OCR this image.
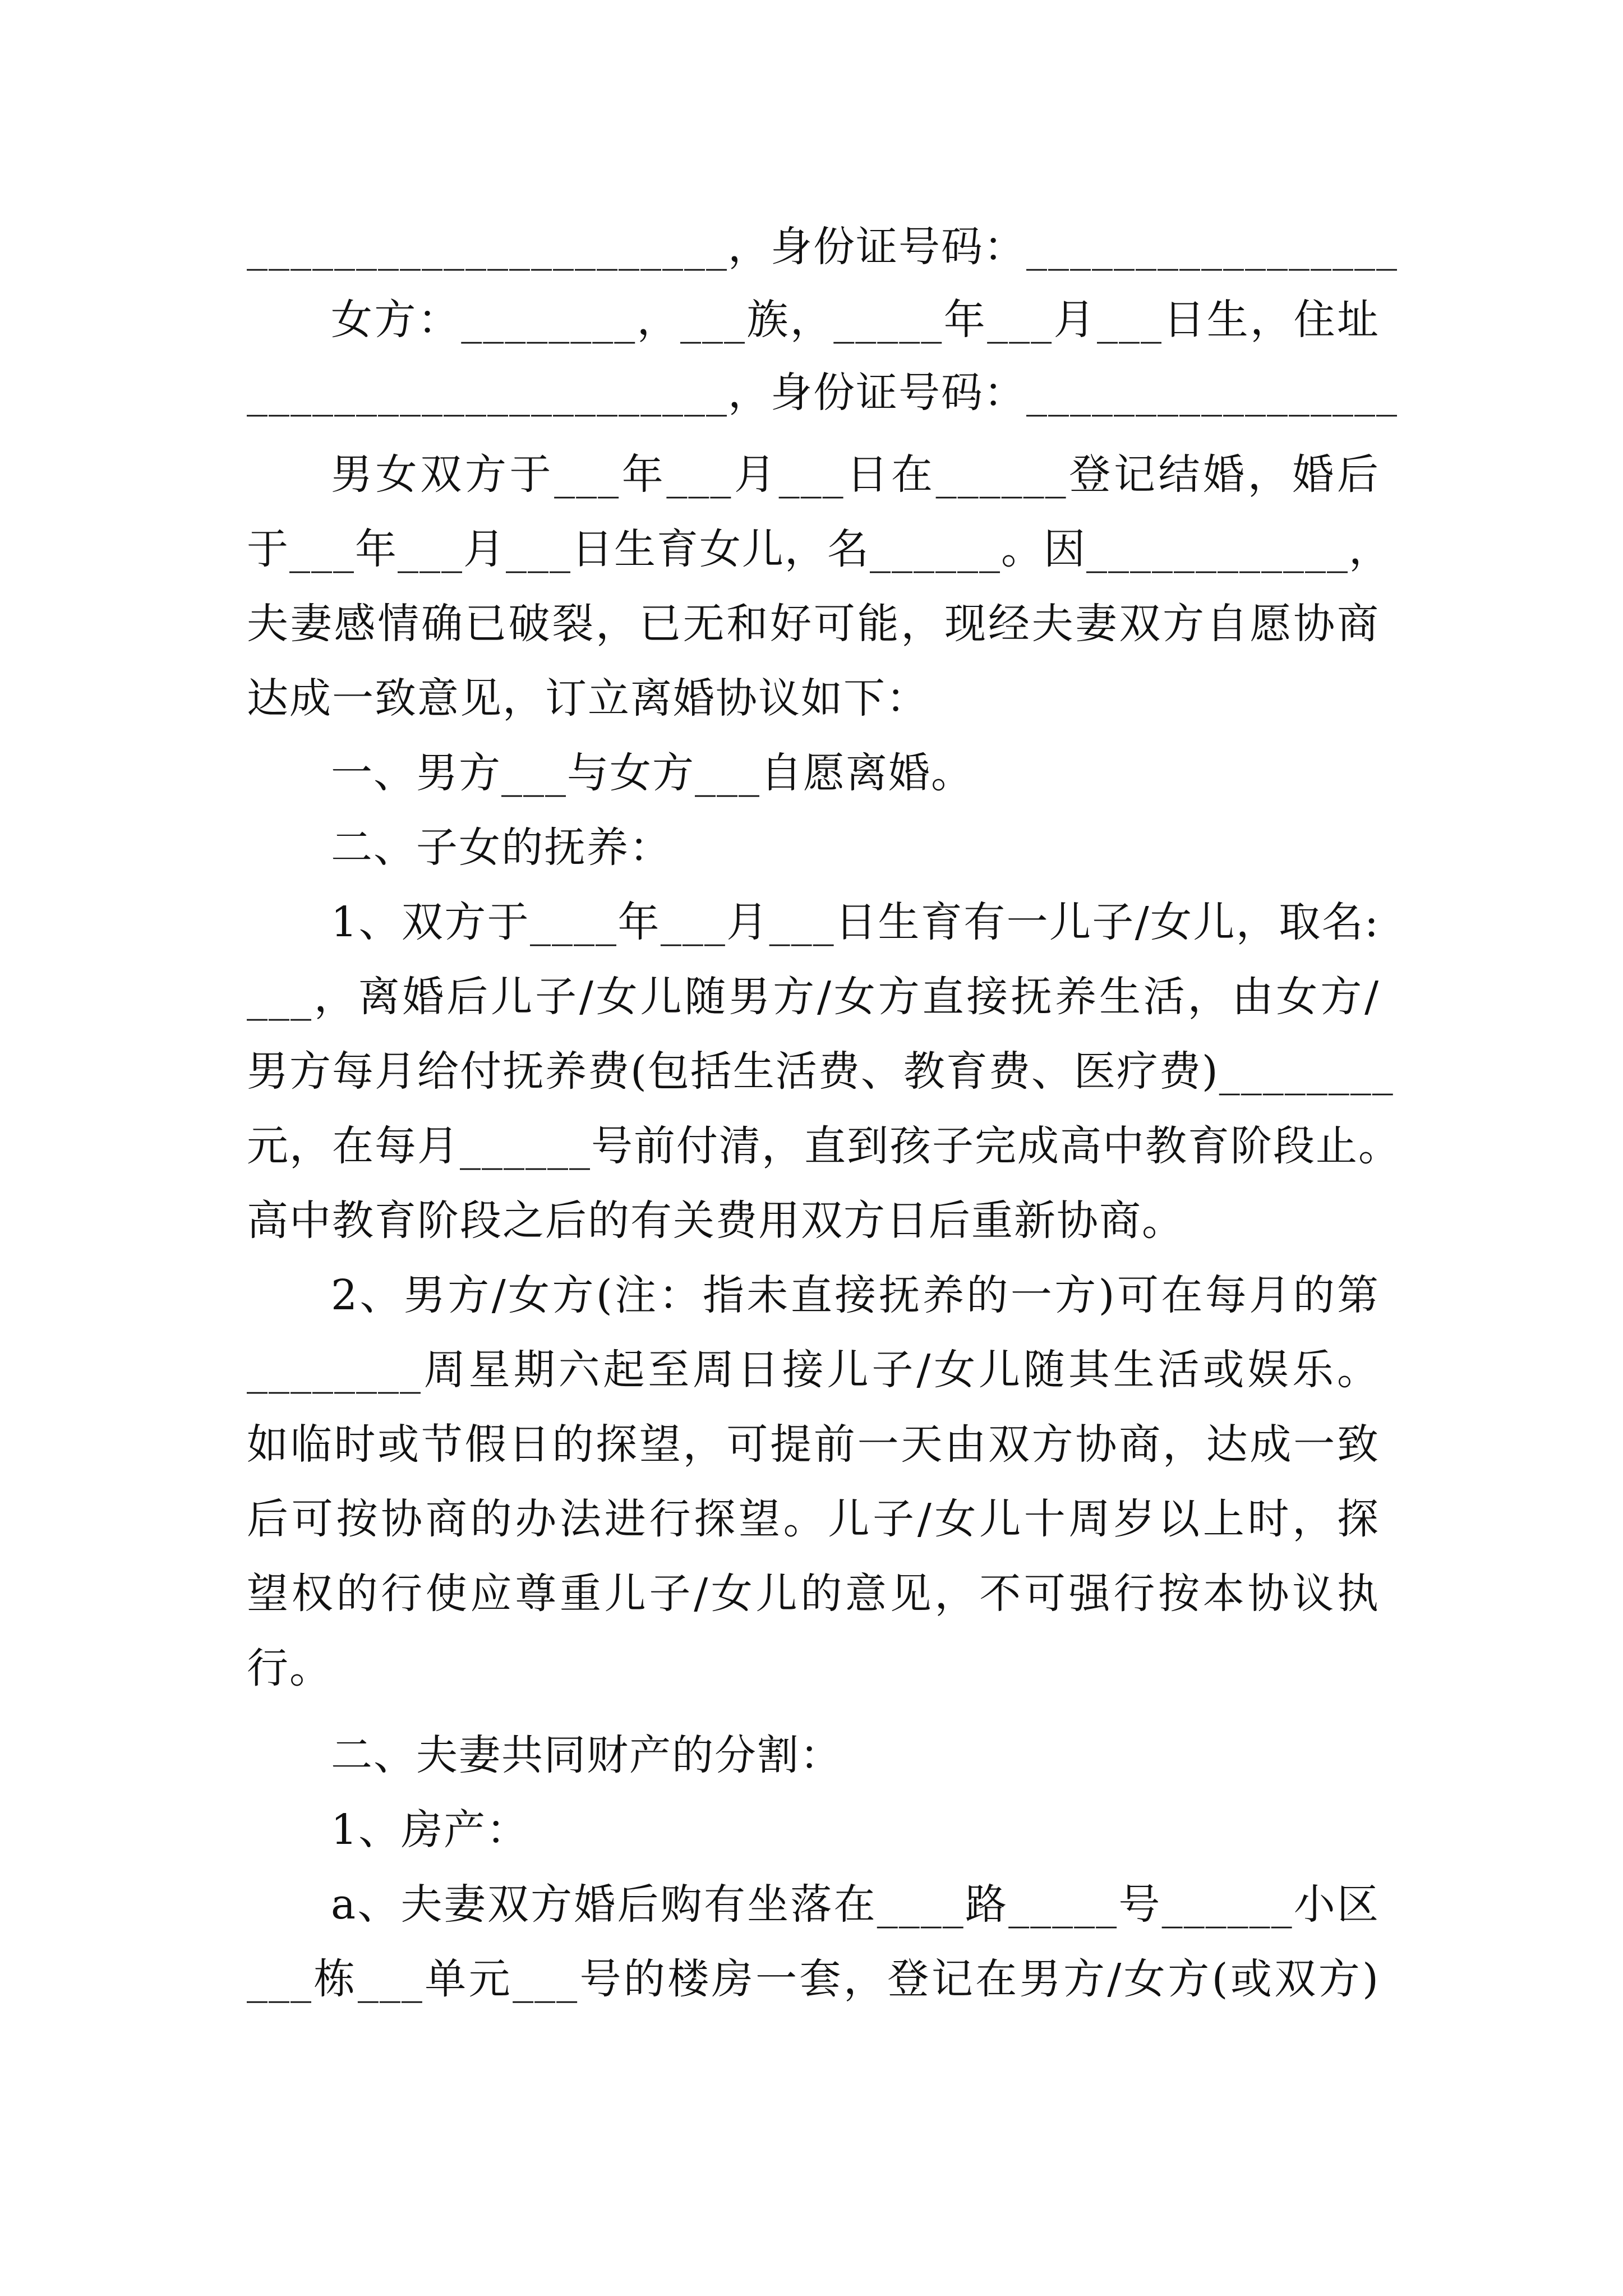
______________________，身份证号码：_________________
女方：________，___族，_____年___月___日生，住址
______________________，身份证号码：_________________
男女双方于___年___月___日在______登记结婚，婚后
于___年___月___日生育女儿，名______。因____________，
夫妻感情确已破裂，已无和好可能，现经夫妻双方自愿协商
达成一致意见，订立离婚协议如下：
一、男方___与女方___自愿离婚。
二、子女的抚养：
1、双方于____年___月___日生育有一儿子/女儿，取名:
___，离婚后儿子/女儿随男方/女方直接抚养生活，由女方/
男方每月给付抚养费(包括生活费、教育费、医疗费)________
元，在每月______号前付清，直到孩子完成高中教育阶段止。
高中教育阶段之后的有关费用双方日后重新协商。
2、男方/女方(注：指未直接抚养的一方)可在每月的第
________周星期六起至周日接儿子/女儿随其生活或娱乐。
如临时或节假日的探望，可提前一天由双方协商，达成一致
后可按协商的办法进行探望。儿子/女儿十周岁以上时，探
望权的行使应尊重儿子/女儿的意见，不可强行按本协议执
行。
二、夫妻共同财产的分割：
1、房产：
a、夫妻双方婚后购有坐落在____路_____号______小区
___栋___单元___号的楼房一套，登记在男方/女方(或双方)
